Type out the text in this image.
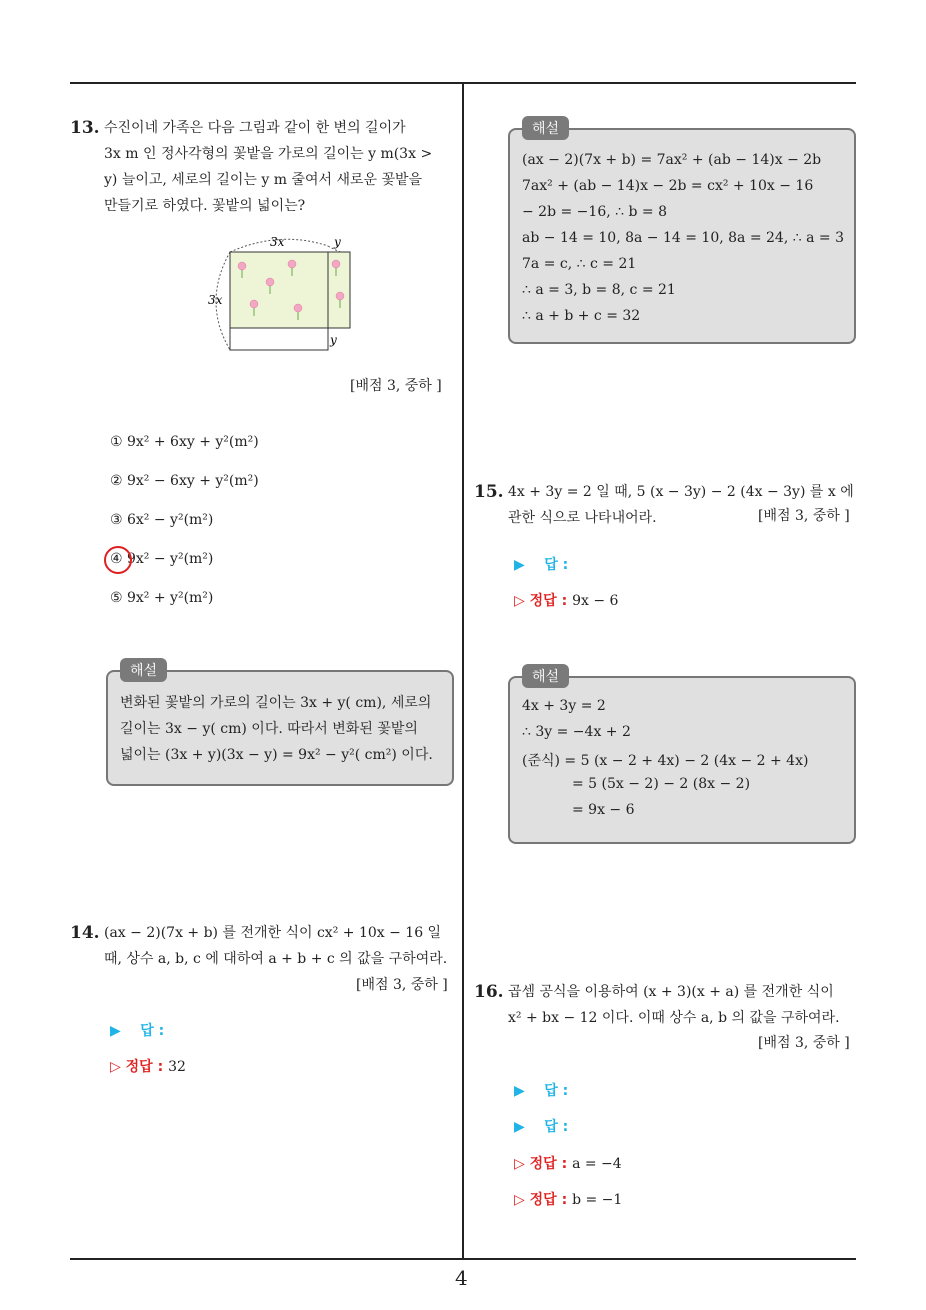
4
13. 수진이네 가족은 다음 그림과 같이 한 변의 길이가
3x m 인 정사각형의 꽃밭을 가로의 길이는 y m(3x >
y) 늘이고, 세로의 길이는 y m 줄여서 새로운 꽃밭을
만들기로 하였다. 꽃밭의 넓이는?
3x	y
3x
y
[배점 3, 중하 ]
① 9x² + 6xy + y²(m²)
② 9x² − 6xy + y²(m²)
③ 6x² − y²(m²)
④ 9x² − y²(m²)
⑤ 9x² + y²(m²)
해설
변화된 꽃밭의 가로의 길이는 3x + y( cm), 세로의
길이는 3x − y( cm) 이다. 따라서 변화된 꽃밭의
넓이는 (3x + y)(3x − y) = 9x² − y²( cm²) 이다.
14. (ax − 2)(7x + b) 를 전개한 식이 cx² + 10x − 16 일
때, 상수 a, b, c 에 대하여 a + b + c 의 값을 구하여라.
[배점 3, 중하 ]
▶ 답 :
▷ 정답 : 32
해설
(ax − 2)(7x + b) = 7ax² + (ab − 14)x − 2b
7ax² + (ab − 14)x − 2b = cx² + 10x − 16
− 2b = −16, ∴ b = 8
ab − 14 = 10, 8a − 14 = 10, 8a = 24, ∴ a = 3
7a = c, ∴ c = 21
∴ a = 3, b = 8, c = 21
∴ a + b + c = 32
15. 4x + 3y = 2 일 때, 5 (x − 3y) − 2 (4x − 3y) 를 x 에
관한 식으로 나타내어라.	[배점 3, 중하 ]
▶ 답 :
▷ 정답 : 9x − 6
해설
4x + 3y = 2
∴ 3y = −4x + 2
(준식) = 5 (x − 2 + 4x) − 2 (4x − 2 + 4x)
= 5 (5x − 2) − 2 (8x − 2)
= 9x − 6
16. 곱셈 공식을 이용하여 (x + 3)(x + a) 를 전개한 식이
x² + bx − 12 이다. 이때 상수 a, b 의 값을 구하여라.
[배점 3, 중하 ]
▶ 답 :
▶ 답 :
▷ 정답 : a = −4
▷ 정답 : b = −1
